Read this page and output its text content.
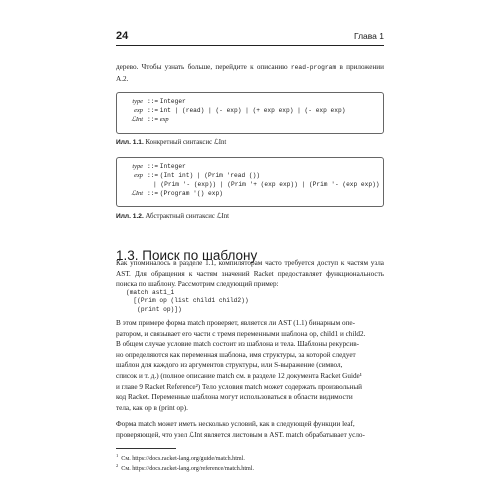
24	Глава 1
дерево. Чтобы узнать больше, перейдите к описанию read-program в приложении A.2.
type ::= Integer
exp ::= int | (read) | (- exp) | (+ exp exp) | (- exp exp)
ℒInt ::= exp
Илл. 1.1. Конкретный синтаксис ℒInt
type ::= Integer
exp ::= (Int int) | (Prim 'read ())
| (Prim '- (exp)) | (Prim '+ (exp exp)) | (Prim '- (exp exp))
ℒInt ::= (Program '() exp)
Илл. 1.2. Абстрактный синтаксис ℒInt
1.3. Поиск по шаблону
Как упоминалось в разделе 1.1, компиляторам часто требуется доступ к частям узла AST. Для обращения к частям значений Racket предоставляет функциональность поиска по шаблону. Рассмотрим следующий пример:
(match ast1_1
[(Prim op (list child1 child2))
(print op)])
В этом примере форма match проверяет, является ли AST (1.1) бинарным опе-
ратором, и связывает его части с тремя переменными шаблона op, child1 и child2.
В общем случае условие match состоит из шаблона и тела. Шаблоны рекурсив-
но определяются как переменная шаблона, имя структуры, за которой следует
шаблон для каждого из аргументов структуры, или S-выражение (символ,
список и т. д.) (полное описание match см. в разделе 12 документа Racket Guide¹
и главе 9 Racket Reference²) Тело условия match может содержать произвольный
код Racket. Переменные шаблона могут использоваться в области видимости
тела, как op в (print op).
Форма match может иметь несколько условий, как в следующей функции leaf,
проверяющей, что узел ℒInt является листовым в AST. match обрабатывает усло-
$^1$  См. https://docs.racket-lang.org/guide/match.html.
$^2$  См. https://docs.racket-lang.org/reference/match.html.
